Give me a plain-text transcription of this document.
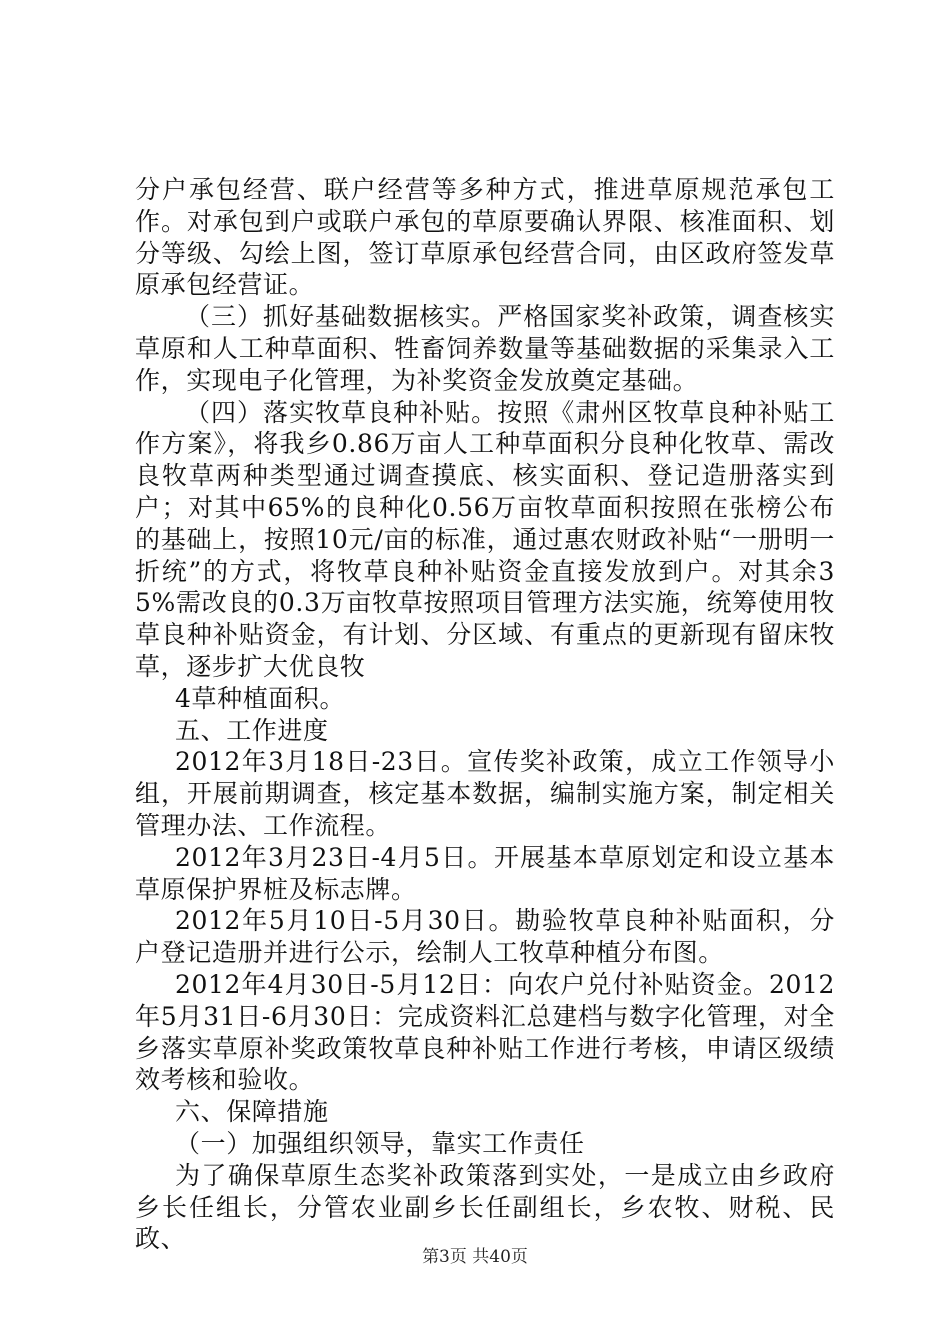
分户承包经营、联户经营等多种方式，推进草原规范承包工作。对承包到户或联户承包的草原要确认界限、核准面积、划分等级、勾绘上图，签订草原承包经营合同，由区政府签发草原承包经营证。

（三）抓好基础数据核实。严格国家奖补政策，调查核实草原和人工种草面积、牲畜饲养数量等基础数据的采集录入工作，实现电子化管理，为补奖资金发放奠定基础。

（四）落实牧草良种补贴。按照《肃州区牧草良种补贴工作方案》，将我乡0.86万亩人工种草面积分良种化牧草、需改良牧草两种类型通过调查摸底、核实面积、登记造册落实到户；对其中65%的良种化0.56万亩牧草面积按照在张榜公布的基础上，按照10元/亩的标准，通过惠农财政补贴“一册明一折统”的方式，将牧草良种补贴资金直接发放到户。对其余35%需改良的0.3万亩牧草按照项目管理方法实施，统筹使用牧草良种补贴资金，有计划、分区域、有重点的更新现有留床牧草，逐步扩大优良牧

4草种植面积。

五、工作进度

2012年3月18日-23日。宣传奖补政策，成立工作领导小组，开展前期调查，核定基本数据，编制实施方案，制定相关管理办法、工作流程。

2012年3月23日-4月5日。开展基本草原划定和设立基本草原保护界桩及标志牌。

2012年5月10日-5月30日。勘验牧草良种补贴面积，分户登记造册并进行公示，绘制人工牧草种植分布图。

2012年4月30日-5月12日：向农户兑付补贴资金。2012年5月31日-6月30日：完成资料汇总建档与数字化管理，对全乡落实草原补奖政策牧草良种补贴工作进行考核，申请区级绩效考核和验收。

六、保障措施

（一）加强组织领导，靠实工作责任

为了确保草原生态奖补政策落到实处，一是成立由乡政府乡长任组长，分管农业副乡长任副组长，乡农牧、财税、民政、

第3页 共40页
